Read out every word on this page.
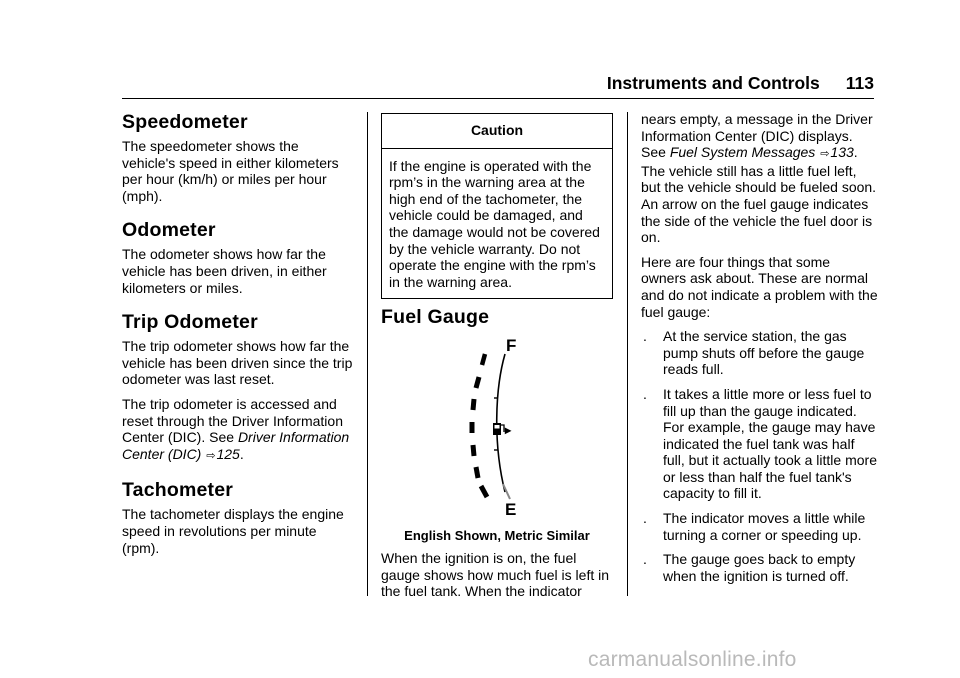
Instruments and Controls 113
Speedometer

The speedometer shows the vehicle's speed in either kilometers per hour (km/h) or miles per hour (mph).

Odometer

The odometer shows how far the vehicle has been driven, in either kilometers or miles.

Trip Odometer

The trip odometer shows how far the vehicle has been driven since the trip odometer was last reset.

The trip odometer is accessed and reset through the Driver Information Center (DIC). See Driver Information Center (DIC) ⇨125.

Tachometer

The tachometer displays the engine speed in revolutions per minute (rpm).

Caution
If the engine is operated with the rpm’s in the warning area at the high end of the tachometer, the vehicle could be damaged, and the damage would not be covered by the vehicle warranty. Do not operate the engine with the rpm’s in the warning area.
Fuel Gauge
▸
F
E
English Shown, Metric Similar
When the ignition is on, the fuel gauge shows how much fuel is left in the fuel tank. When the indicator

nears empty, a message in the Driver Information Center (DIC) displays. See Fuel System Messages ⇨133. The vehicle still has a little fuel left, but the vehicle should be fueled soon. An arrow on the fuel gauge indicates the side of the vehicle the fuel door is on.

Here are four things that some owners ask about. These are normal and do not indicate a problem with the fuel gauge:

.	At the service station, the gas pump shuts off before the gauge reads full.
.	It takes a little more or less fuel to fill up than the gauge indicated. For example, the gauge may have indicated the fuel tank was half full, but it actually took a little more or less than half the fuel tank's capacity to fill it.
.	The indicator moves a little while turning a corner or speeding up.
.	The gauge goes back to empty when the ignition is turned off.
carmanualsonline.info
